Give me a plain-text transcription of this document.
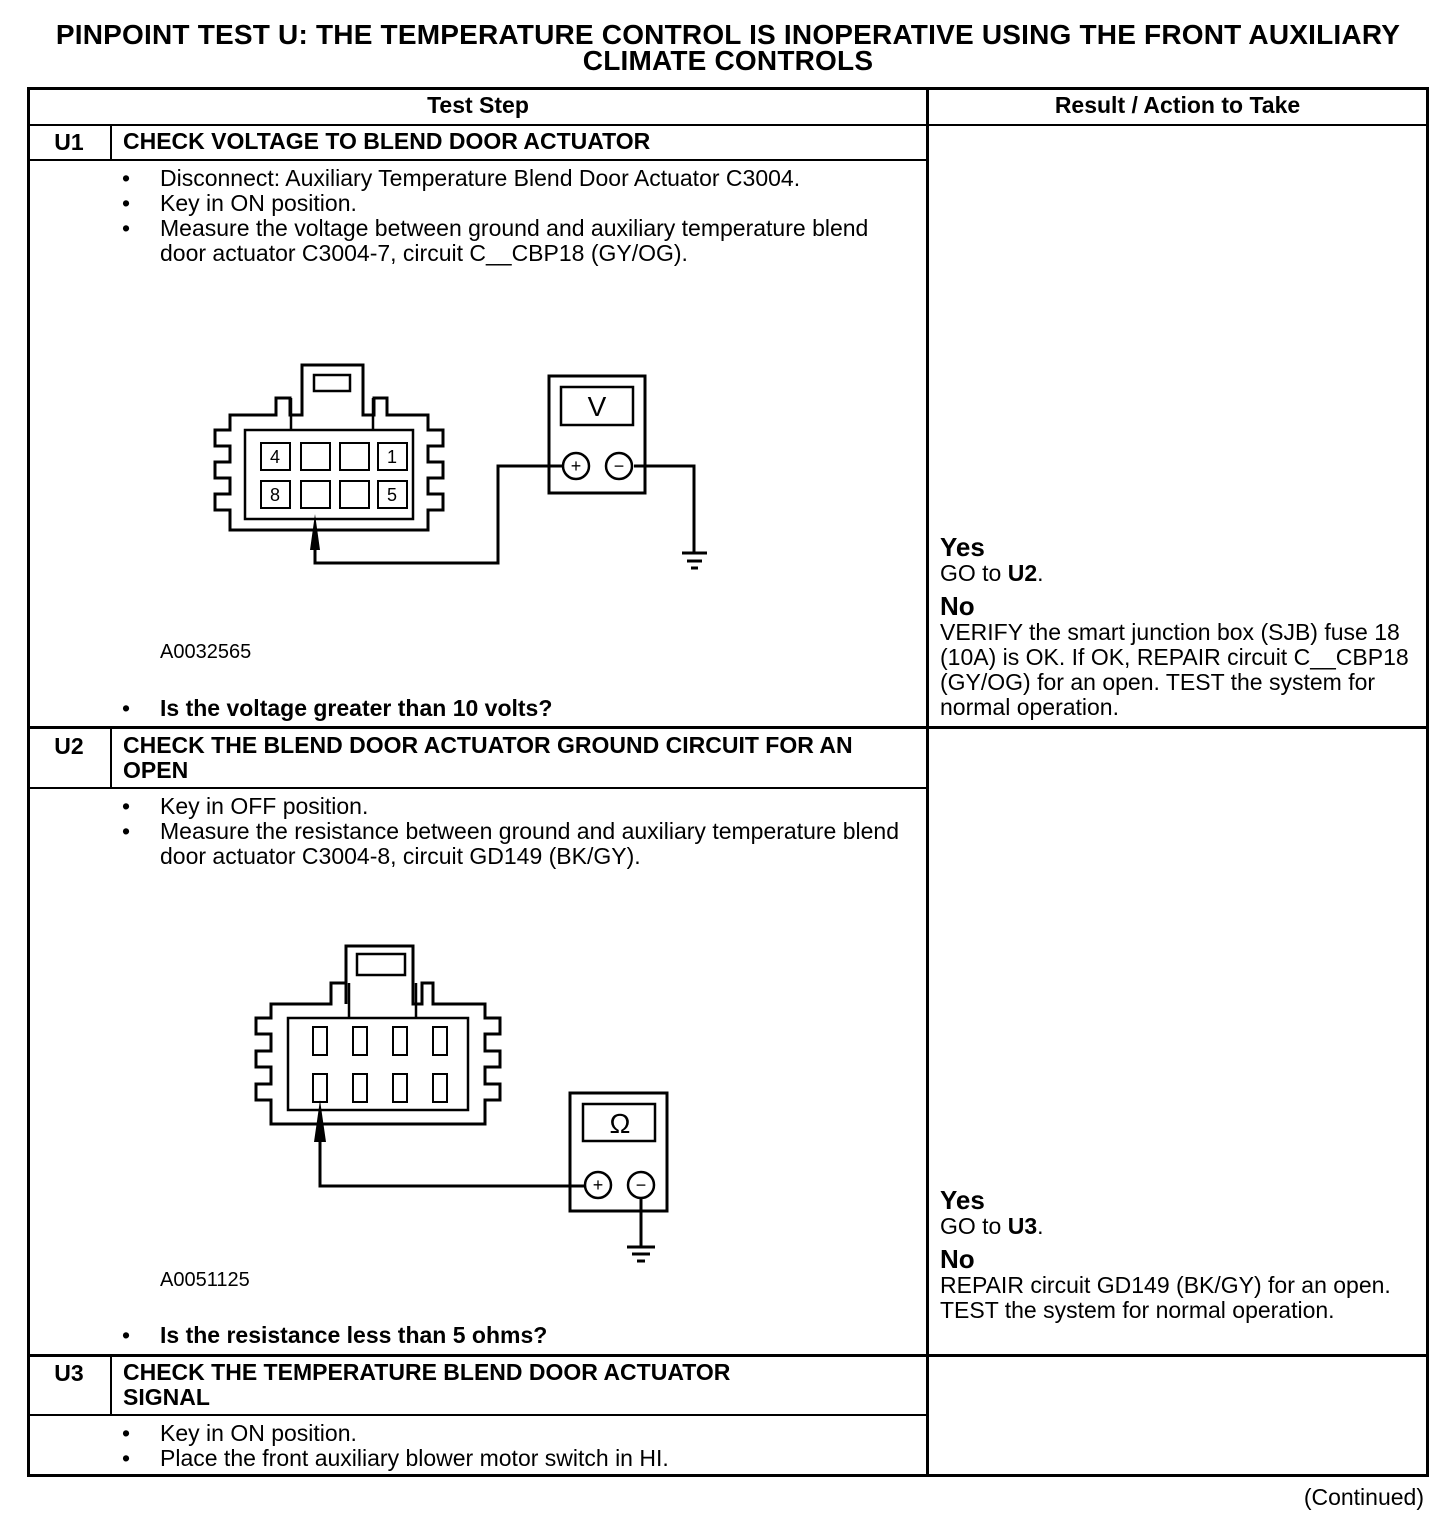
PINPOINT TEST U: THE TEMPERATURE CONTROL IS INOPERATIVE USING THE FRONT AUXILIARY CLIMATE CONTROLS
Test Step	Result / Action to Take
U1	CHECK VOLTAGE TO BLEND DOOR ACTUATOR
• Disconnect: Auxiliary Temperature Blend Door Actuator C3004.
• Key in ON position.
• Measure the voltage between ground and auxiliary temperature blend door actuator C3004-7, circuit C__CBP18 (GY/OG).
4	1
8	5
V
+ −
A0032565
• Is the voltage greater than 10 volts?
Yes

GO to U2.

No

VERIFY the smart junction box (SJB) fuse 18 (10A) is OK. If OK, REPAIR circuit C__CBP18 (GY/OG) for an open. TEST the system for normal operation.

U2	CHECK THE BLEND DOOR ACTUATOR GROUND CIRCUIT FOR AN OPEN
• Key in OFF position.
• Measure the resistance between ground and auxiliary temperature blend door actuator C3004-8, circuit GD149 (BK/GY).
Ω
+ −
A0051125
• Is the resistance less than 5 ohms?
Yes

GO to U3.

No

REPAIR circuit GD149 (BK/GY) for an open. TEST the system for normal operation.

U3	CHECK THE TEMPERATURE BLEND DOOR ACTUATOR SIGNAL
• Key in ON position.
• Place the front auxiliary blower motor switch in HI.
(Continued)
